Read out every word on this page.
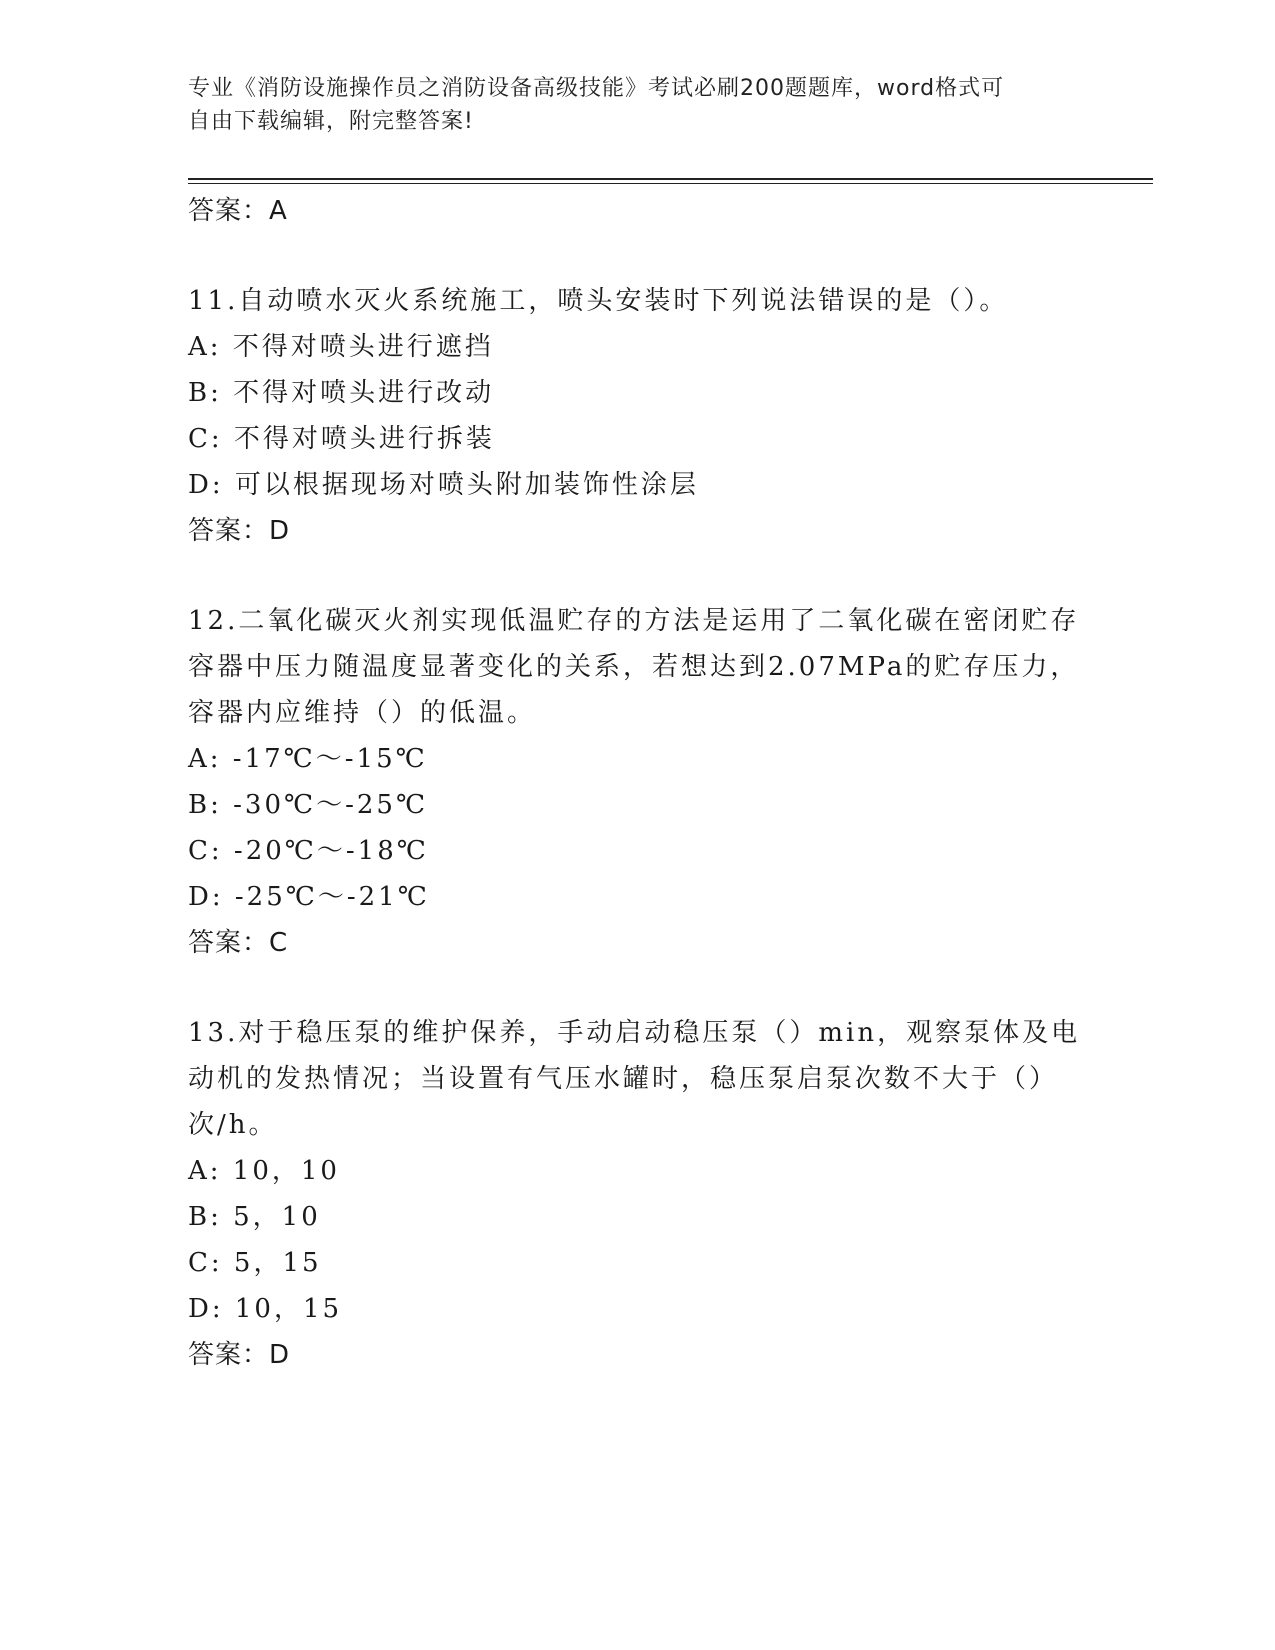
专业《消防设施操作员之消防设备高级技能》考试必刷200题题库，word格式可
自由下载编辑，附完整答案!
答案：A
11.自动喷水灭火系统施工，喷头安装时下列说法错误的是（）。
A: 不得对喷头进行遮挡
B: 不得对喷头进行改动
C: 不得对喷头进行拆装
D: 可以根据现场对喷头附加装饰性涂层
答案：D
12.二氧化碳灭火剂实现低温贮存的方法是运用了二氧化碳在密闭贮存
容器中压力随温度显著变化的关系，若想达到2.07MPa的贮存压力，
容器内应维持（）的低温。
A: -17℃～-15℃
B: -30℃～-25℃
C: -20℃～-18℃
D: -25℃～-21℃
答案：C
13.对于稳压泵的维护保养，手动启动稳压泵（）min，观察泵体及电
动机的发热情况；当设置有气压水罐时，稳压泵启泵次数不大于（）
次/h。
A: 10，10
B: 5，10
C: 5，15
D: 10，15
答案：D
